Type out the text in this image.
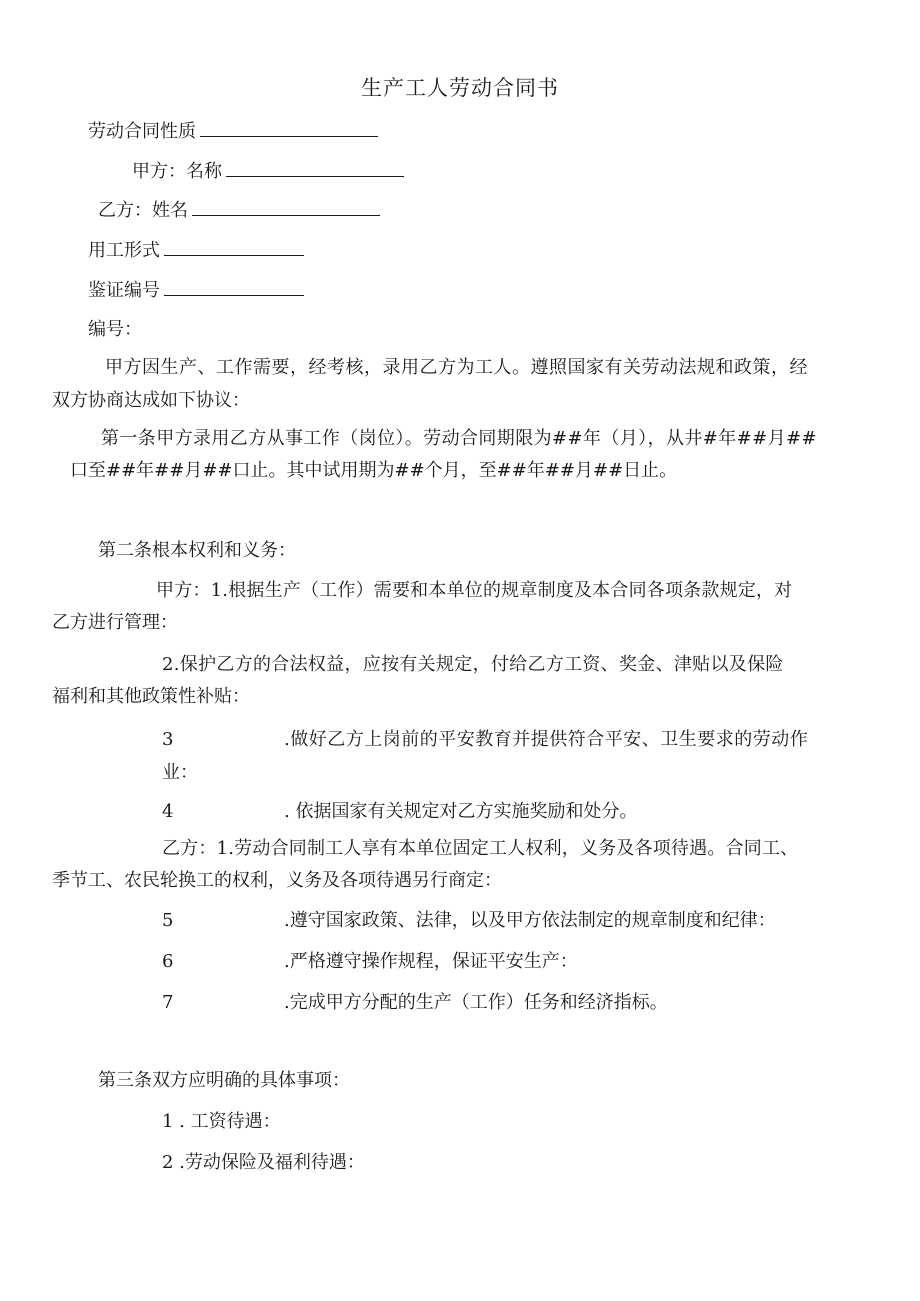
生产工人劳动合同书
劳动合同性质
甲方：名称
乙方：姓名
用工形式
鉴证编号
编号：
甲方因生产、工作需要，经考核，录用乙方为工人。遵照国家有关劳动法规和政策，经
双方协商达成如下协议：
第一条甲方录用乙方从事工作（岗位）。劳动合同期限为##年（月），从井#年##月##
口至##年##月##口止。其中试用期为##个月，至##年##月##日止。
第二条根本权利和义务：
甲方：1.根据生产（工作）需要和本单位的规章制度及本合同各项条款规定，对
乙方进行管理：
2.保护乙方的合法权益，应按有关规定，付给乙方工资、奖金、津贴以及保险
福利和其他政策性补贴：
3	.做好乙方上岗前的平安教育并提供符合平安、卫生要求的劳动作
业：
4	. 依据国家有关规定对乙方实施奖励和处分。
乙方：1.劳动合同制工人享有本单位固定工人权利，义务及各项待遇。合同工、
季节工、农民轮换工的权利，义务及各项待遇另行商定：
5	.遵守国家政策、法律，以及甲方依法制定的规章制度和纪律：
6	.严格遵守操作规程，保证平安生产：
7	.完成甲方分配的生产（工作）任务和经济指标。
第三条双方应明确的具体事项：
1 . 工资待遇：
2 .劳动保险及福利待遇：
